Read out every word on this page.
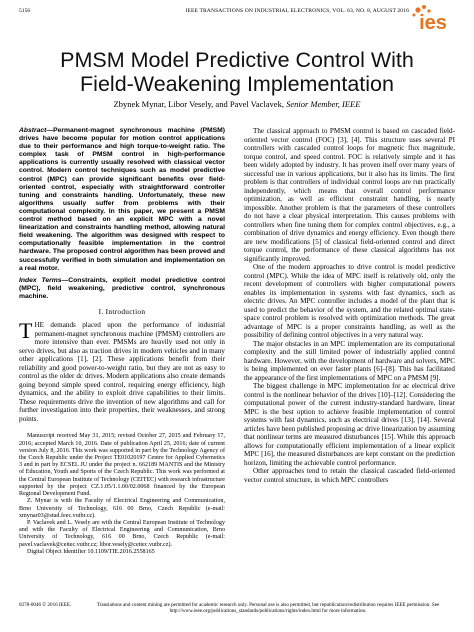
5156	IEEE TRANSACTIONS ON INDUSTRIAL ELECTRONICS, VOL. 63, NO. 8, AUGUST 2016
ies
PMSM Model Predictive Control With
Field-Weakening Implementation
Zbynek Mynar, Libor Vesely, and Pavel Vaclavek, Senior Member, IEEE
Abstract—Permanent-magnet synchronous machine (PMSM) drives have become popular for motion control applications due to their performance and high torque-to-weight ratio. The complex task of PMSM control in high-performance applications is currently usually resolved with classical vector control. Modern control techniques such as model predictive control (MPC) can provide significant benefits over field-oriented control, especially with straightforward controller tuning and constraints handling. Unfortunately, these new algorithms usually suffer from problems with their computational complexity. In this paper, we present a PMSM control method based on an explicit MPC with a novel linearization and constraints handling method, allowing natural field weakening. The algorithm was designed with respect to computationally feasible implementation in the control hardware. The proposed control algorithm has been proved and successfully verified in both simulation and implementation on a real motor.
Index Terms—Constraints, explicit model predictive control (MPC), field weakening, predictive control, synchronous machine.
I. Introduction

THE demands placed upon the performance of industrial permanent-magnet synchronous machine (PMSM) controllers are more intensive than ever. PMSMs are heavily used not only in servo drives, but also as traction drives in modern vehicles and in many other applications [1], [2]. These applications benefit from their reliability and good power-to-weight ratio, but they are not as easy to control as the older dc drives. Modern applications also create demands going beyond simple speed control, requiring energy efficiency, high dynamics, and the ability to exploit drive capabilities to their limits. These requirements drive the invention of new algorithms and call for further investigation into their properties, their weaknesses, and strong points.

Manuscript received May 31, 2015; revised October 27, 2015 and February 17, 2016; accepted March 10, 2016. Date of publication April 25, 2016; date of current version July 8, 2016. This work was supported in part by the Technology Agency of the Czech Republic under the Project TE01020197 Centre for Applied Cybernetics 3 and in part by ECSEL JU under the project n. 662189 MANTIS and the Ministry of Education, Youth and Sports of the Czech Republic. This work was performed at the Central European Institute of Technology (CEITEC) with research infrastructure supported by the project CZ.1.05/1.1.00/02.0068 financed by the European Regional Development Fund.

Z. Mynar is with the Faculty of Electrical Engineering and Communication, Brno University of Technology, 616 00 Brno, Czech Republic (e-mail: xmynar03@stud.feec.vutbr.cz).

P. Vaclavek and L. Vesely are with the Central European Institute of Technology and with the Faculty of Electrical Engineering and Communication, Brno University of Technology, 616 00 Brno, Czech Republic (e-mail: pavel.vaclavek@ceitec.vutbr.cz; libor.vesely@ceitec.vutbr.cz).

Digital Object Identifier 10.1109/TIE.2016.2558165

The classical approach to PMSM control is based on cascaded field-oriented vector control (FOC) [3], [4]. This structure uses several PI controllers with cascaded control loops for magnetic flux magnitude, torque control, and speed control. FOC is relatively simple and it has been widely adopted by industry. It has proven itself over many years of successful use in various applications, but it also has its limits. The first problem is that controllers of individual control loops are run practically independently, which means that overall control performance optimization, as well as efficient constraint handling, is nearly impossible. Another problem is that the parameters of these controllers do not have a clear physical interpretation. This causes problems with controllers when fine tuning them for complex control objectives, e.g., a combination of drive dynamics and energy efficiency. Even though there are new modifications [5] of classical field-oriented control and direct torque control, the performance of these classical algorithms has not significantly improved.

One of the modern approaches to drive control is model predictive control (MPC). While the idea of MPC itself is relatively old, only the recent development of controllers with higher computational powers enables its implementation in systems with fast dynamics, such as electric drives. An MPC controller includes a model of the plant that is used to predict the behavior of the system, and the related optimal state-space control problem is resolved with optimization methods. The great advantage of MPC is a proper constraints handling, as well as the possibility of defining control objectives in a very natural way.

The major obstacles in an MPC implementation are its computational complexity and the still limited power of industrially applied control hardware. However, with the development of hardware and solvers, MPC is being implemented on ever faster plants [6]–[8]. This has facilitated the appearance of the first implementations of MPC on a PMSM [9].

The biggest challenge in MPC implementation for ac electrical drive control is the nonlinear behavior of the drives [10]–[12]. Considering the computational power of the current industry-standard hardware, linear MPC is the best option to achieve feasible implementation of control systems with fast dynamics, such as electrical drives [13], [14]. Several articles have been published proposing ac drive linearization by assuming that nonlinear terms are measured disturbances [15]. While this approach allows for computationally efficient implementation of a linear explicit MPC [16], the measured disturbances are kept constant on the prediction horizon, limiting the achievable control performance.

Other approaches tend to retain the classical cascaded field-oriented vector control structure, in which MPC controllers

0278-0046 © 2016 IEEE.	Translations and content mining are permitted for academic research only. Personal use is also permitted, but republication/redistribution requires IEEE permission. See http://www.ieee.org/publications_standards/publications/rights/index.html for more information.
